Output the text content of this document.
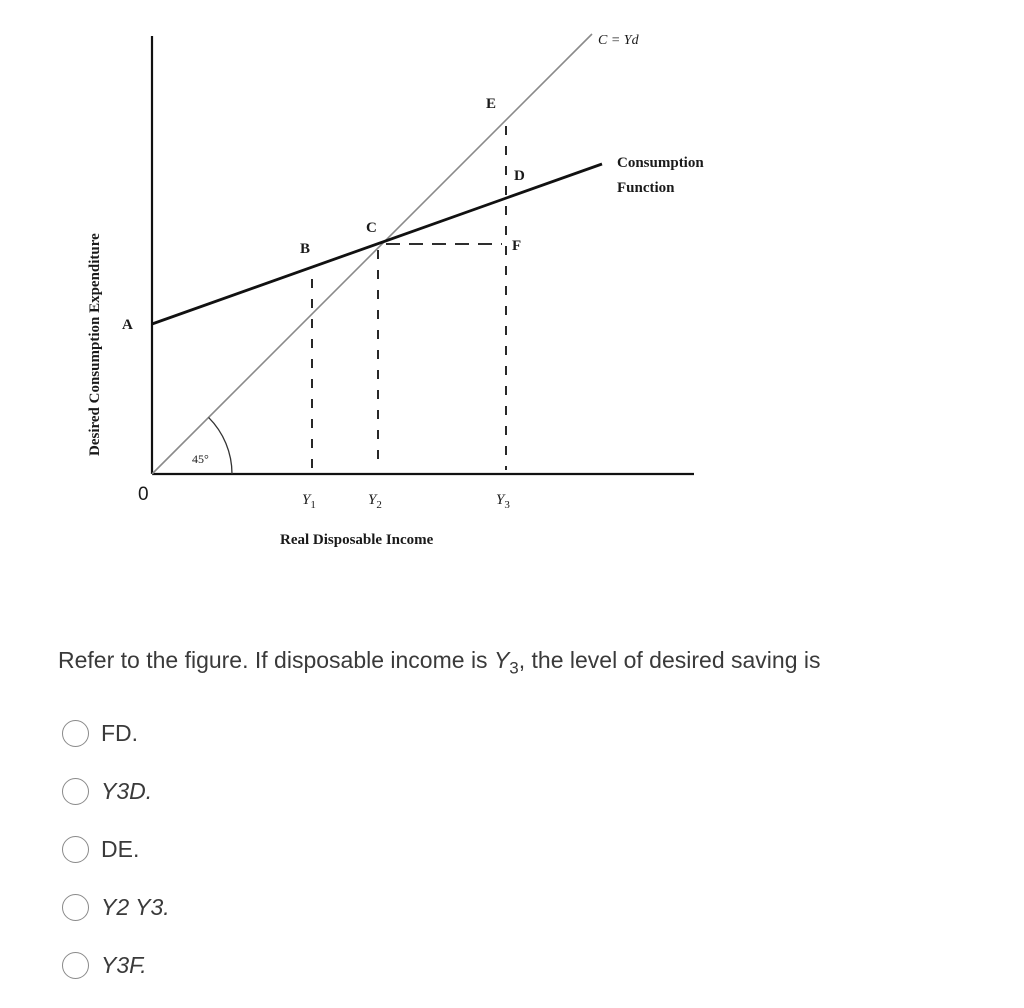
45°
A
B
C
D
E
F
$Y_1$	$Y_2$	$Y_3$
C = Yd
Consumption
Function
Desired Consumption Expenditure
Real Disposable Income
0
Refer to the figure. If disposable income is $Y_3$, the level of desired saving is
FD.
Y3D.
DE.
Y2 Y3.
Y3F.
